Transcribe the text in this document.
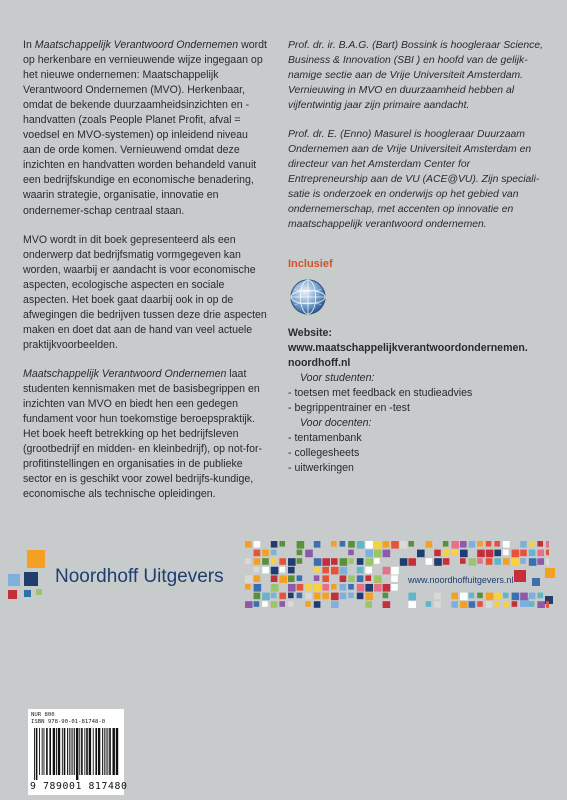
In Maatschappelijk Verantwoord Ondernemen wordt op herkenbare en vernieuwende wijze ingegaan op het nieuwe ondernemen: Maatschappelijk Verantwoord Ondernemen (MVO). Herkenbaar, omdat de bekende duurzaamheidsinzichten en -handvatten (zoals People Planet Profit, afval = voedsel en MVO-systemen) op inleidend niveau aan de orde komen. Vernieuwend omdat deze inzichten en handvatten worden behandeld vanuit een bedrijfskundige en economische benadering, waarin strategie, organisatie, innovatie en ondernemer-schap centraal staan.

MVO wordt in dit boek gepresenteerd als een onderwerp dat bedrijfsmatig vormgegeven kan worden, waarbij er aandacht is voor economische aspecten, ecologische aspecten en sociale aspecten. Het boek gaat daarbij ook in op de afwegingen die bedrijven tussen deze drie aspecten maken en doet dat aan de hand van veel actuele praktijkvoorbeelden.

Maatschappelijk Verantwoord Ondernemen laat studenten kennismaken met de basisbegrippen en inzichten van MVO en biedt hen een gedegen fundament voor hun toekomstige beroepspraktijk. Het boek heeft betrekking op het bedrijfsleven (grootbedrijf en midden- en kleinbedrijf), op not-for-profitinstellingen en organisaties in de publieke sector en is geschikt voor zowel bedrijfs-kundige, economische als technische opleidingen.

Prof. dr. ir. B.A.G. (Bart) Bossink is hoogleraar Science, Business & Innovation (SBI ) en hoofd van de gelijk-namige sectie aan de Vrije Universiteit Amsterdam. Vernieuwing in MVO en duurzaamheid hebben al vijfentwintig jaar zijn primaire aandacht.

Prof. dr. E. (Enno) Masurel is hoogleraar Duurzaam Ondernemen aan de Vrije Universiteit Amsterdam en directeur van het Amsterdam Center for Entrepreneurship aan de VU (ACE@VU). Zijn speciali-satie is onderzoek en onderwijs op het gebied van ondernemerschap, met accenten op innovatie en maatschappelijk verantwoord ondernemen.

Inclusief
Website:
www.maatschappelijkverantwoordondernemen.
noordhoff.nl
Voor studenten:
- toetsen met feedback en studieadvies
- begrippentrainer en -test
Voor docenten:
- tentamenbank
- collegesheets
- uitwerkingen
Noordhoff Uitgevers	www.noordhoffuitgevers.nl
NUR 800
ISBN 978-90-01-81748-0
9 789001 817480
